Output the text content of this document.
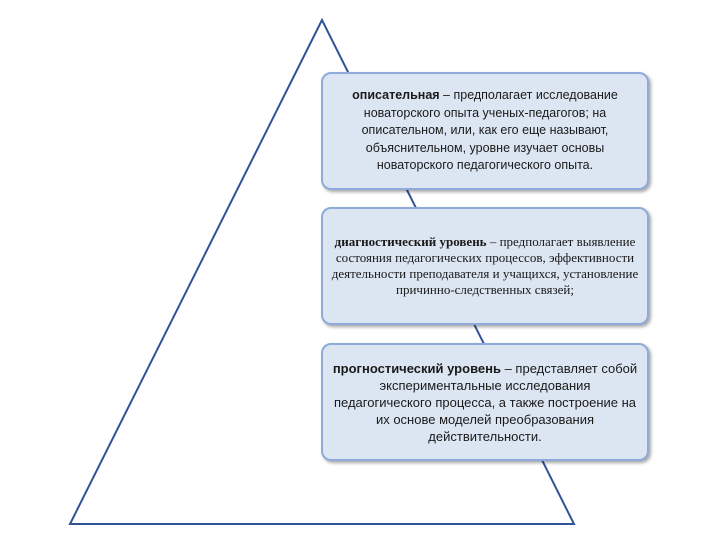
описательная – предполагает исследование новаторского опыта ученых-педагогов; на описательном, или, как его еще называют, объяснительном, уровне изучает основы новаторского педагогического опыта.
диагностический уровень – предполагает выявление состояния педагогических процессов, эффективности деятельности преподавателя и учащихся, установление причинно-следственных связей;
прогностический уровень – представляет собой экспериментальные исследования педагогического процесса, а также построение на их основе моделей преобразования действительности.
